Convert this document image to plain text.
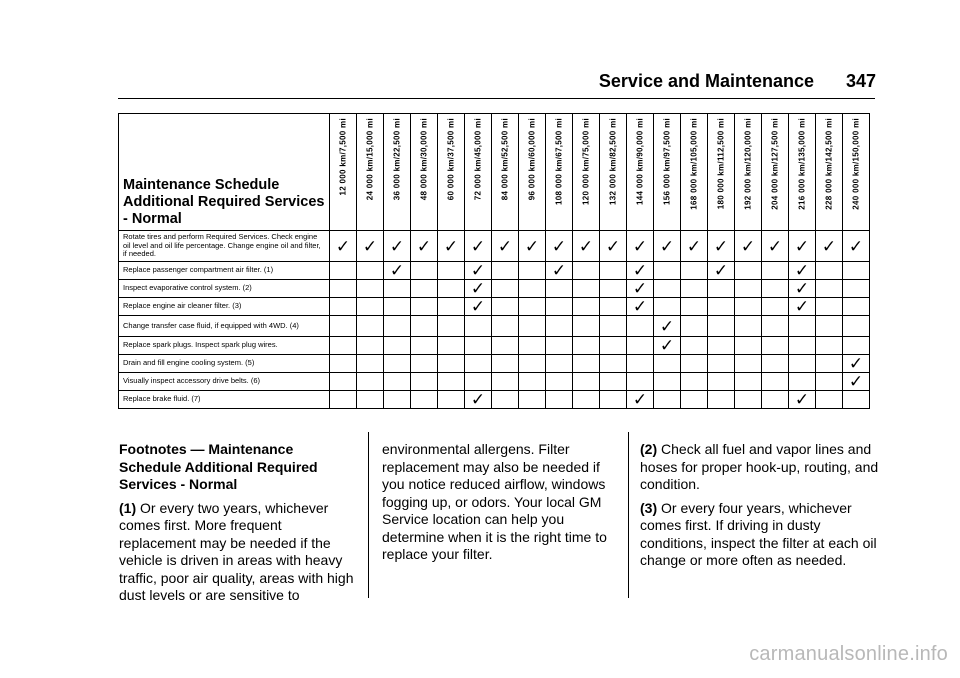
Service and Maintenance 347
Maintenance Schedule Additional Required Services - Normal	12 000 km/7,500 mi	24 000 km/15,000 mi	36 000 km/22,500 mi	48 000 km/30,000 mi	60 000 km/37,500 mi	72 000 km/45,000 mi	84 000 km/52,500 mi	96 000 km/60,000 mi	108 000 km/67,500 mi	120 000 km/75,000 mi	132 000 km/82,500 mi	144 000 km/90,000 mi	156 000 km/97,500 mi	168 000 km/105,000 mi	180 000 km/112,500 mi	192 000 km/120,000 mi	204 000 km/127,500 mi	216 000 km/135,000 mi	228 000 km/142,500 mi	240 000 km/150,000 mi

Rotate tires and perform Required Services. Check engine oil level and oil life percentage. Change engine oil and filter, if needed.	✓	✓	✓	✓	✓	✓	✓	✓	✓	✓	✓	✓	✓	✓	✓	✓	✓	✓	✓	✓
Replace passenger compartment air filter. (1)			✓			✓			✓			✓			✓			✓		
Inspect evaporative control system. (2)						✓						✓						✓		
Replace engine air cleaner filter. (3)						✓						✓						✓		
Change transfer case fluid, if equipped with 4WD. (4)													✓							
Replace spark plugs. Inspect spark plug wires.													✓							
Drain and fill engine cooling system. (5)																				✓
Visually inspect accessory drive belts. (6)																				✓
Replace brake fluid. (7)						✓						✓						✓		
Footnotes — Maintenance Schedule Additional Required Services - Normal
(1) Or every two years, whichever comes first. More frequent replacement may be needed if the vehicle is driven in areas with heavy traffic, poor air quality, areas with high dust levels or are sensitive to
environmental allergens. Filter replacement may also be needed if you notice reduced airflow, windows fogging up, or odors. Your local GM Service location can help you determine when it is the right time to replace your filter.
(2) Check all fuel and vapor lines and hoses for proper hook-up, routing, and condition.
(3) Or every four years, whichever comes first. If driving in dusty conditions, inspect the filter at each oil change or more often as needed.
carmanualsonline.info
